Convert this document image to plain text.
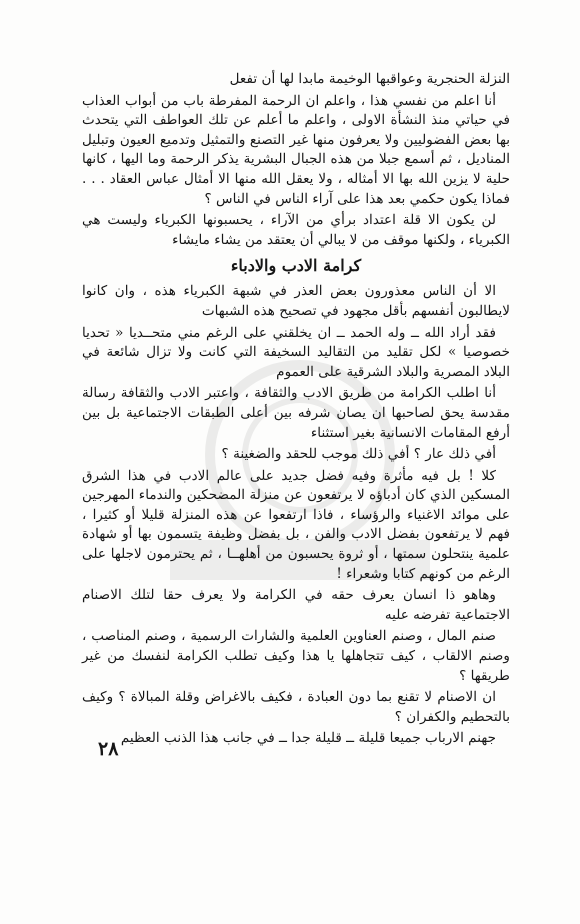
النزلة الحنجرية وعواقبها الوخيمة مابدا لها أن تفعل

أنا اعلم من نفسي هذا ، واعلم ان الرحمة المفرطة باب من أبواب العذاب في حياتي منذ النشأة الاولى ، واعلم ما أعلم عن تلك العواطف التي يتحدث بها بعض الفضوليين ولا يعرفون منها غير التصنع والتمثيل وتدميع العيون وتبليل المناديل ، ثم أسمع جبلا من هذه الجبال البشرية يذكر الرحمة وما اليها ، كانها حلية لا يزين الله بها الا أمثاله ، ولا يعقل الله منها الا أمثال عباس العقاد . . . فماذا يكون حكمي بعد هذا على آراء الناس في الناس ؟

لن يكون الا قلة اعتداد برأي من الآراء ، يحسبونها الكبرياء وليست هي الكبرياء ، ولكنها موقف من لا يبالي أن يعتقد من يشاء مايشاء

كرامة الادب والادباء

الا أن الناس معذورون بعض العذر في شبهة الكبرياء هذه ، وان كانوا لايطالبون أنفسهم بأقل مجهود في تصحيح هذه الشبهات

فقد أراد الله ــ وله الحمد ــ ان يخلقني على الرغم مني متحــديا « تحديا خصوصيا » لكل تقليد من التقاليد السخيفة التي كانت ولا تزال شائعة في البلاد المصرية والبلاد الشرقية على العموم

أنا اطلب الكرامة من طريق الادب والثقافة ، واعتبر الادب والثقافة رسالة مقدسة يحق لصاحبها ان يصان شرفه بين أعلى الطبقات الاجتماعية بل بين أرفع المقامات الانسانية بغير استثناء

أفي ذلك عار ؟ أفي ذلك موجب للحقد والضغينة ؟

كلا ! بل فيه مأثرة وفيه فضل جديد على عالم الادب في هذا الشرق المسكين الذي كان أدباؤه لا يرتفعون عن منزلة المضحكين والندماء المهرجين على موائد الاغنياء والرؤساء ، فاذا ارتفعوا عن هذه المنزلة قليلا أو كثيرا ، فهم لا يرتفعون بفضل الادب والفن ، بل بفضل وظيفة يتسمون بها أو شهادة علمية ينتحلون سمتها ، أو ثروة يحسبون من أهلهــا ، ثم يحترمون لاجلها على الرغم من كونهم كتابا وشعراء !

وهاهو ذا انسان يعرف حقه في الكرامة ولا يعرف حقا لتلك الاصنام الاجتماعية تفرضه عليه

صنم المال ، وصنم العناوين العلمية والشارات الرسمية ، وصنم المناصب ، وصنم الالقاب ، كيف تتجاهلها يا هذا وكيف تطلب الكرامة لنفسك من غير طريقها ؟

ان الاصنام لا تقنع بما دون العبادة ، فكيف بالاغراض وقلة المبالاة ؟ وكيف بالتحطيم والكفران ؟

جهنم الارباب جميعا قليلة ــ قليلة جدا ــ في جانب هذا الذنب العظيم

٢٨
